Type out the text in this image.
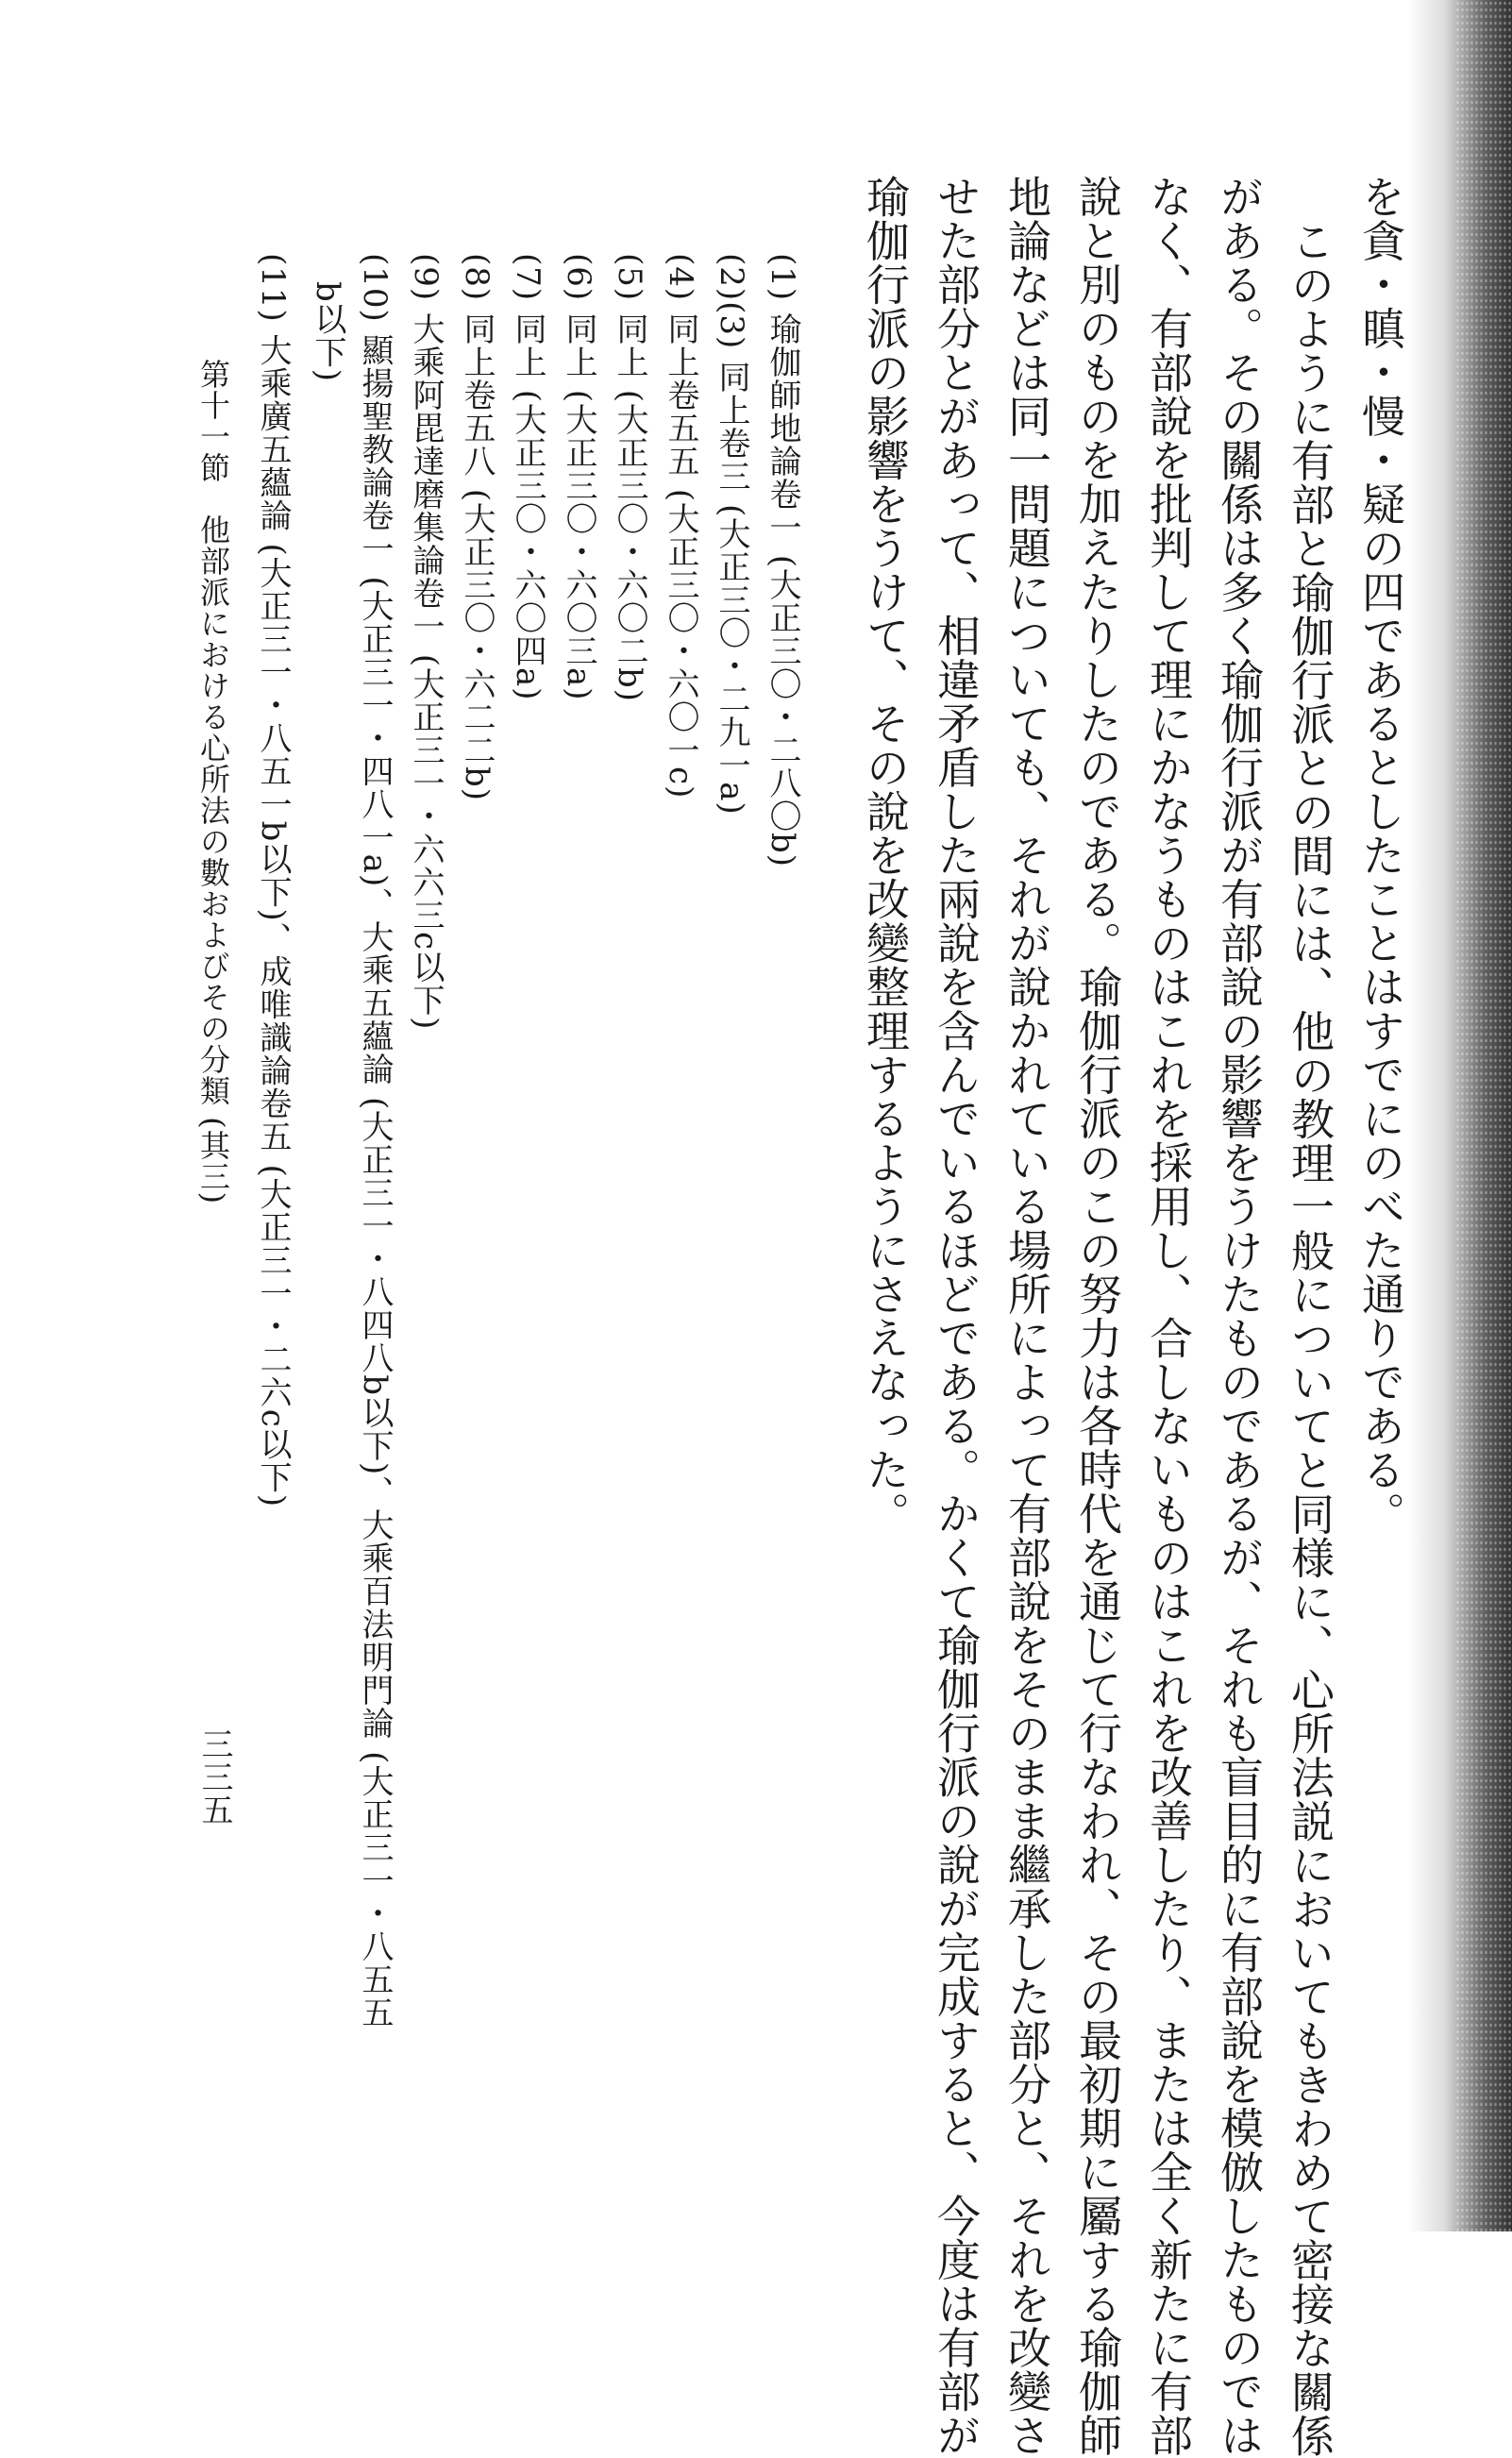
を貪・瞋・慢・疑の四であるとしたことはすでにのべた通りである。
このように有部と瑜伽行派との間には、他の教理一般についてと同様に、心所法説においてもきわめて密接な關係
がある。その關係は多く瑜伽行派が有部說の影響をうけたものであるが、それも盲目的に有部說を模倣したものでは
なく、有部說を批判して理にかなうものはこれを採用し、合しないものはこれを改善したり、または全く新たに有部
說と別のものを加えたりしたのである。瑜伽行派のこの努力は各時代を通じて行なわれ、その最初期に屬する瑜伽師
地論などは同一問題についても、それが說かれている場所によって有部說をそのまま繼承した部分と、それを改變さ
せた部分とがあって、相違矛盾した兩說を含んでいるほどである。かくて瑜伽行派の說が完成すると、今度は有部が
瑜伽行派の影響をうけて、その說を改變整理するようにさえなった。
(1) 瑜伽師地論卷一 (大正三〇・二八〇b)
(2)(3) 同上卷三 (大正三〇・二九一a)
(4) 同上卷五五 (大正三〇・六〇一c)
(5) 同上 (大正三〇・六〇二b)
(6) 同上 (大正三〇・六〇三a)
(7) 同上 (大正三〇・六〇四a)
(8) 同上卷五八 (大正三〇・六二二b)
(9) 大乘阿毘達磨集論卷一 (大正三一・六六三c以下)
(10) 顯揚聖教論卷一 (大正三一・四八一a)、大乘五蘊論 (大正三一・八四八b以下)、大乘百法明門論 (大正三一・八五五
b以下)
(11) 大乘廣五蘊論 (大正三一・八五一b以下)、成唯識論卷五 (大正三一・二六c以下)
第十一節　他部派における心所法の數およびその分類 (其三)
三三五
